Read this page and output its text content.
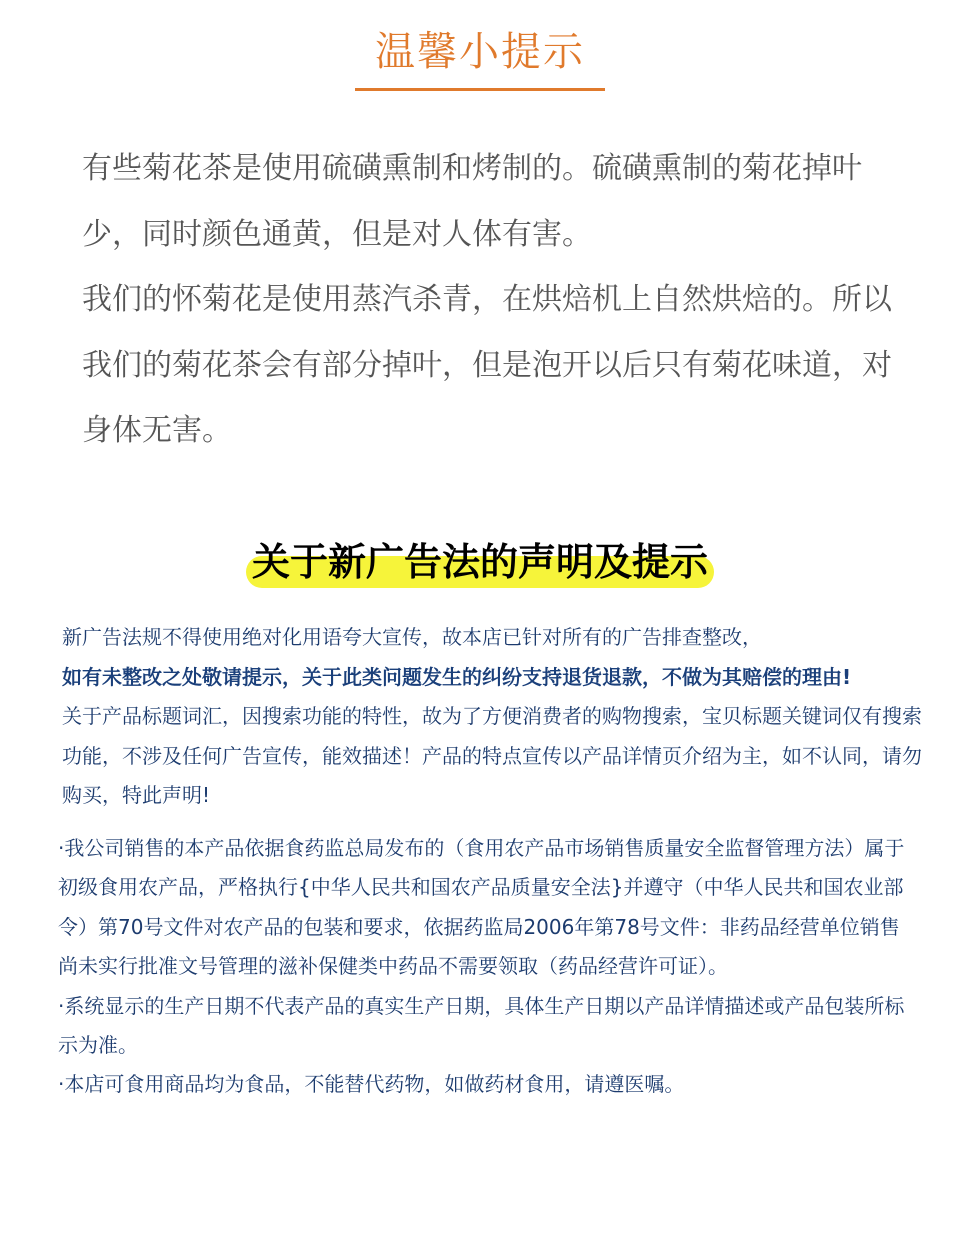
温馨小提示

有些菊花茶是使用硫磺熏制和烤制的。硫磺熏制的菊花掉叶少，同时颜色通黄，但是对人体有害。

我们的怀菊花是使用蒸汽杀青，在烘焙机上自然烘焙的。所以我们的菊花茶会有部分掉叶，但是泡开以后只有菊花味道，对身体无害。

关于新广告法的声明及提示

新广告法规不得使用绝对化用语夸大宣传，故本店已针对所有的广告排查整改，

如有未整改之处敬请提示，关于此类问题发生的纠纷支持退货退款，不做为其赔偿的理由!

关于产品标题词汇，因搜索功能的特性，故为了方便消费者的购物搜索，宝贝标题关键词仅有搜索功能，不涉及任何广告宣传，能效描述！产品的特点宣传以产品详情页介绍为主，如不认同，请勿购买，特此声明!

·我公司销售的本产品依据食药监总局发布的（食用农产品市场销售质量安全监督管理方法）属于初级食用农产品，严格执行{中华人民共和国农产品质量安全法}并遵守（中华人民共和国农业部令）第70号文件对农产品的包装和要求，依据药监局2006年第78号文件：非药品经营单位销售尚未实行批准文号管理的滋补保健类中药品不需要领取（药品经营许可证）。

·系统显示的生产日期不代表产品的真实生产日期，具体生产日期以产品详情描述或产品包装所标示为准。

·本店可食用商品均为食品，不能替代药物，如做药材食用，请遵医嘱。
